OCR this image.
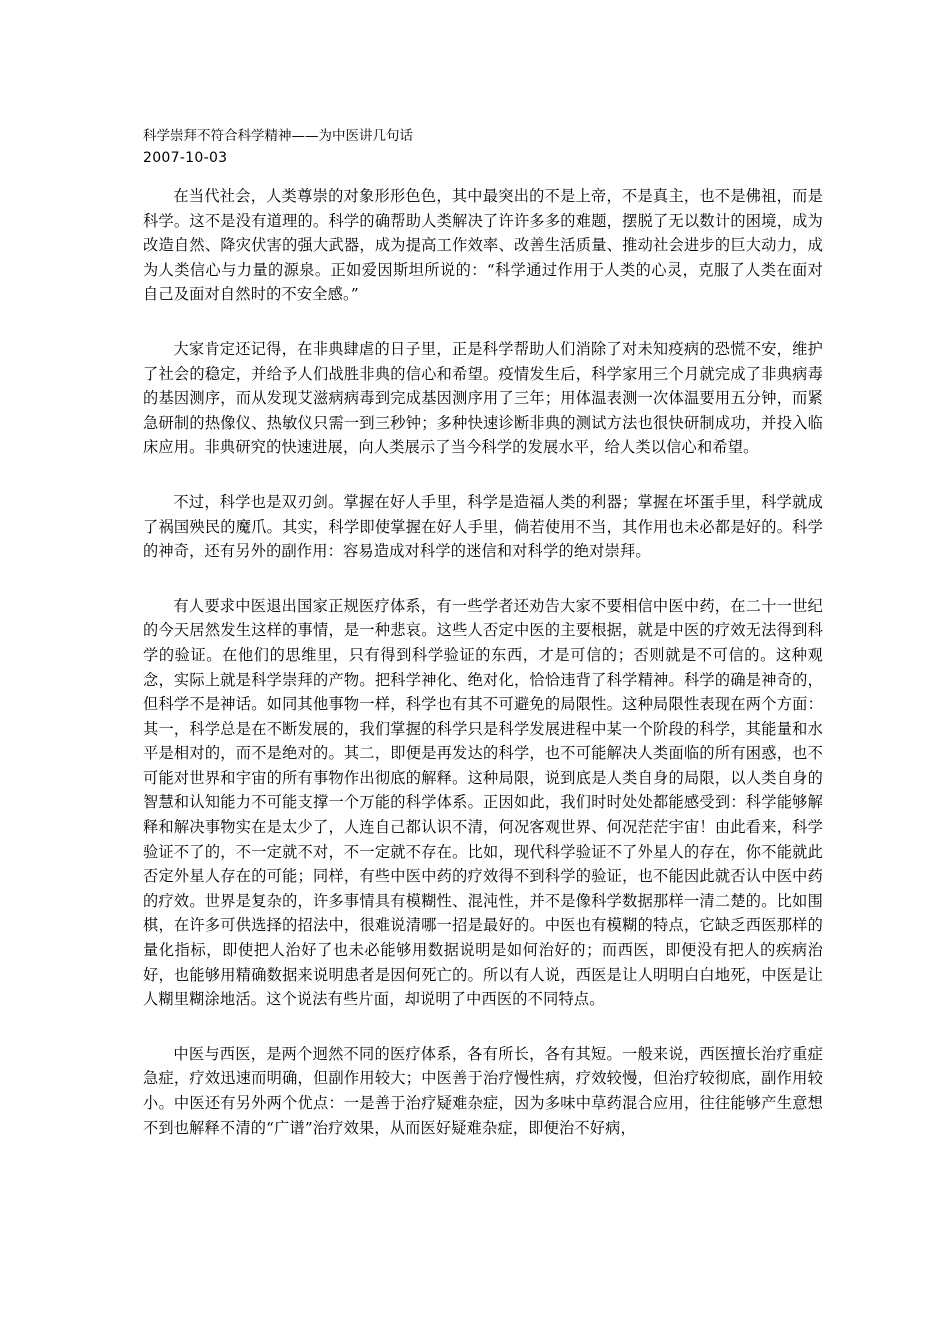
科学崇拜不符合科学精神——为中医讲几句话
2007-10-03

在当代社会，人类尊崇的对象形形色色，其中最突出的不是上帝，不是真主，也不是佛祖，而是科学。这不是没有道理的。科学的确帮助人类解决了许许多多的难题，摆脱了无以数计的困境，成为改造自然、降灾伏害的强大武器，成为提高工作效率、改善生活质量、推动社会进步的巨大动力，成为人类信心与力量的源泉。正如爱因斯坦所说的：“科学通过作用于人类的心灵，克服了人类在面对自己及面对自然时的不安全感。”

大家肯定还记得，在非典肆虐的日子里，正是科学帮助人们消除了对未知疫病的恐慌不安，维护了社会的稳定，并给予人们战胜非典的信心和希望。疫情发生后，科学家用三个月就完成了非典病毒的基因测序，而从发现艾滋病病毒到完成基因测序用了三年；用体温表测一次体温要用五分钟，而紧急研制的热像仪、热敏仪只需一到三秒钟；多种快速诊断非典的测试方法也很快研制成功，并投入临床应用。非典研究的快速进展，向人类展示了当今科学的发展水平，给人类以信心和希望。

不过，科学也是双刃剑。掌握在好人手里，科学是造福人类的利器；掌握在坏蛋手里，科学就成了祸国殃民的魔爪。其实，科学即使掌握在好人手里，倘若使用不当，其作用也未必都是好的。科学的神奇，还有另外的副作用：容易造成对科学的迷信和对科学的绝对崇拜。

有人要求中医退出国家正规医疗体系，有一些学者还劝告大家不要相信中医中药，在二十一世纪的今天居然发生这样的事情，是一种悲哀。这些人否定中医的主要根据，就是中医的疗效无法得到科学的验证。在他们的思维里，只有得到科学验证的东西，才是可信的；否则就是不可信的。这种观念，实际上就是科学崇拜的产物。把科学神化、绝对化，恰恰违背了科学精神。科学的确是神奇的，但科学不是神话。如同其他事物一样，科学也有其不可避免的局限性。这种局限性表现在两个方面：其一，科学总是在不断发展的，我们掌握的科学只是科学发展进程中某一个阶段的科学，其能量和水平是相对的，而不是绝对的。其二，即便是再发达的科学，也不可能解决人类面临的所有困惑，也不可能对世界和宇宙的所有事物作出彻底的解释。这种局限，说到底是人类自身的局限，以人类自身的智慧和认知能力不可能支撑一个万能的科学体系。正因如此，我们时时处处都能感受到：科学能够解释和解决事物实在是太少了，人连自己都认识不清，何况客观世界、何况茫茫宇宙！由此看来，科学验证不了的，不一定就不对，不一定就不存在。比如，现代科学验证不了外星人的存在，你不能就此否定外星人存在的可能；同样，有些中医中药的疗效得不到科学的验证，也不能因此就否认中医中药的疗效。世界是复杂的，许多事情具有模糊性、混沌性，并不是像科学数据那样一清二楚的。比如围棋，在许多可供选择的招法中，很难说清哪一招是最好的。中医也有模糊的特点，它缺乏西医那样的量化指标，即使把人治好了也未必能够用数据说明是如何治好的；而西医，即便没有把人的疾病治好，也能够用精确数据来说明患者是因何死亡的。所以有人说，西医是让人明明白白地死，中医是让人糊里糊涂地活。这个说法有些片面，却说明了中西医的不同特点。

中医与西医，是两个迥然不同的医疗体系，各有所长，各有其短。一般来说，西医擅长治疗重症急症，疗效迅速而明确，但副作用较大；中医善于治疗慢性病，疗效较慢，但治疗较彻底，副作用较小。中医还有另外两个优点：一是善于治疗疑难杂症，因为多味中草药混合应用，往往能够产生意想不到也解释不清的“广谱”治疗效果，从而医好疑难杂症，即便治不好病，
